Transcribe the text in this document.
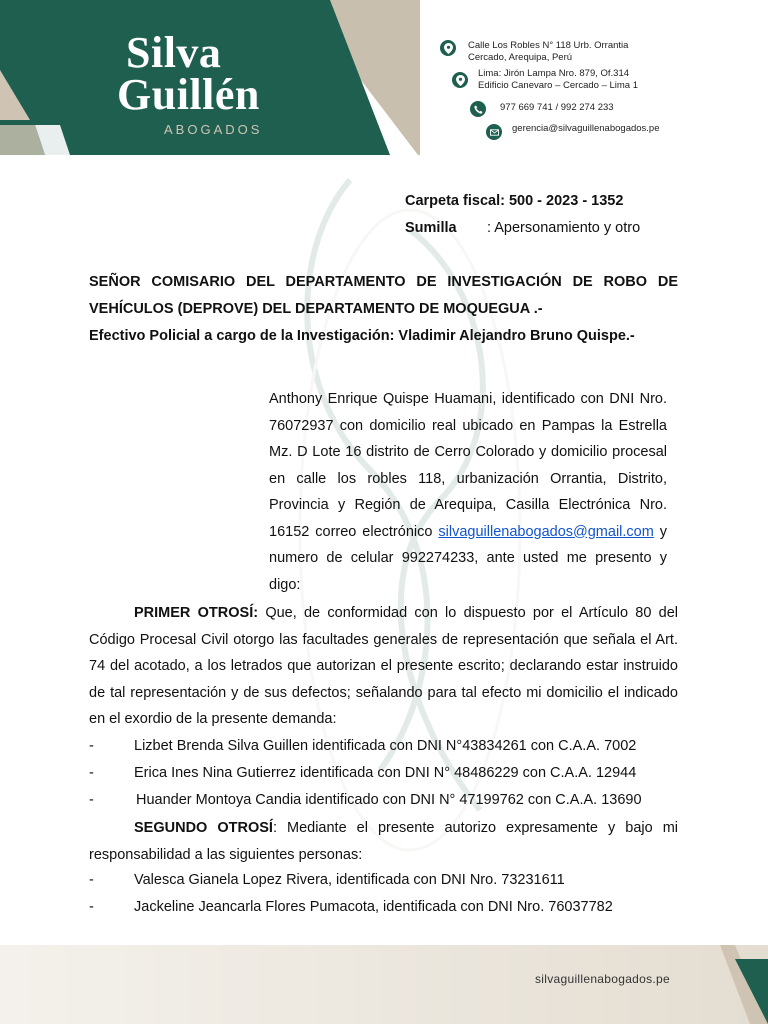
Silva
Guillén
ABOGADOS
Calle Los Robles N° 118 Urb. Orrantia
Cercado, Arequipa, Perú
Lima: Jirón Lampa Nro. 879, Of.314
Edificio Canevaro – Cercado – Lima 1
977 669 741 / 992 274 233
gerencia@silvaguillenabogados.pe
Carpeta fiscal: 500 - 2023 - 1352
Sumilla : Apersonamiento y otro
SEÑOR COMISARIO DEL DEPARTAMENTO DE INVESTIGACIÓN DE ROBO DE
VEHÍCULOS (DEPROVE) DEL DEPARTAMENTO DE MOQUEGUA .-
Efectivo Policial a cargo de la Investigación: Vladimir Alejandro Bruno Quispe.-
Anthony Enrique Quispe Huamani, identificado con DNI Nro. 76072937 con domicilio real ubicado en Pampas la Estrella Mz. D Lote 16 distrito de Cerro Colorado y domicilio procesal en calle los robles 118, urbanización Orrantia, Distrito, Provincia y Región de Arequipa, Casilla Electrónica Nro. 16152 correo electrónico silvaguillenabogados@gmail.com y numero de celular 992274233, ante usted me presento y digo:
PRIMER OTROSÍ: Que, de conformidad con lo dispuesto por el Artículo 80 del Código Procesal Civil otorgo las facultades generales de representación que señala el Art. 74 del acotado, a los letrados que autorizan el presente escrito; declarando estar instruido de tal representación y de sus defectos; señalando para tal efecto mi domicilio el indicado en el exordio de la presente demanda:
-	Lizbet Brenda Silva Guillen identificada con DNI N°43834261 con C.A.A. 7002
-	Erica Ines Nina Gutierrez identificada con DNI N° 48486229 con C.A.A. 12944
-	Huander Montoya Candia identificado con DNI N° 47199762 con C.A.A. 13690
SEGUNDO OTROSÍ: Mediante el presente autorizo expresamente y bajo mi responsabilidad a las siguientes personas:
-	Valesca Gianela Lopez Rivera, identificada con DNI Nro. 73231611
-	Jackeline Jeancarla Flores Pumacota, identificada con DNI Nro. 76037782
silvaguillenabogados.pe
